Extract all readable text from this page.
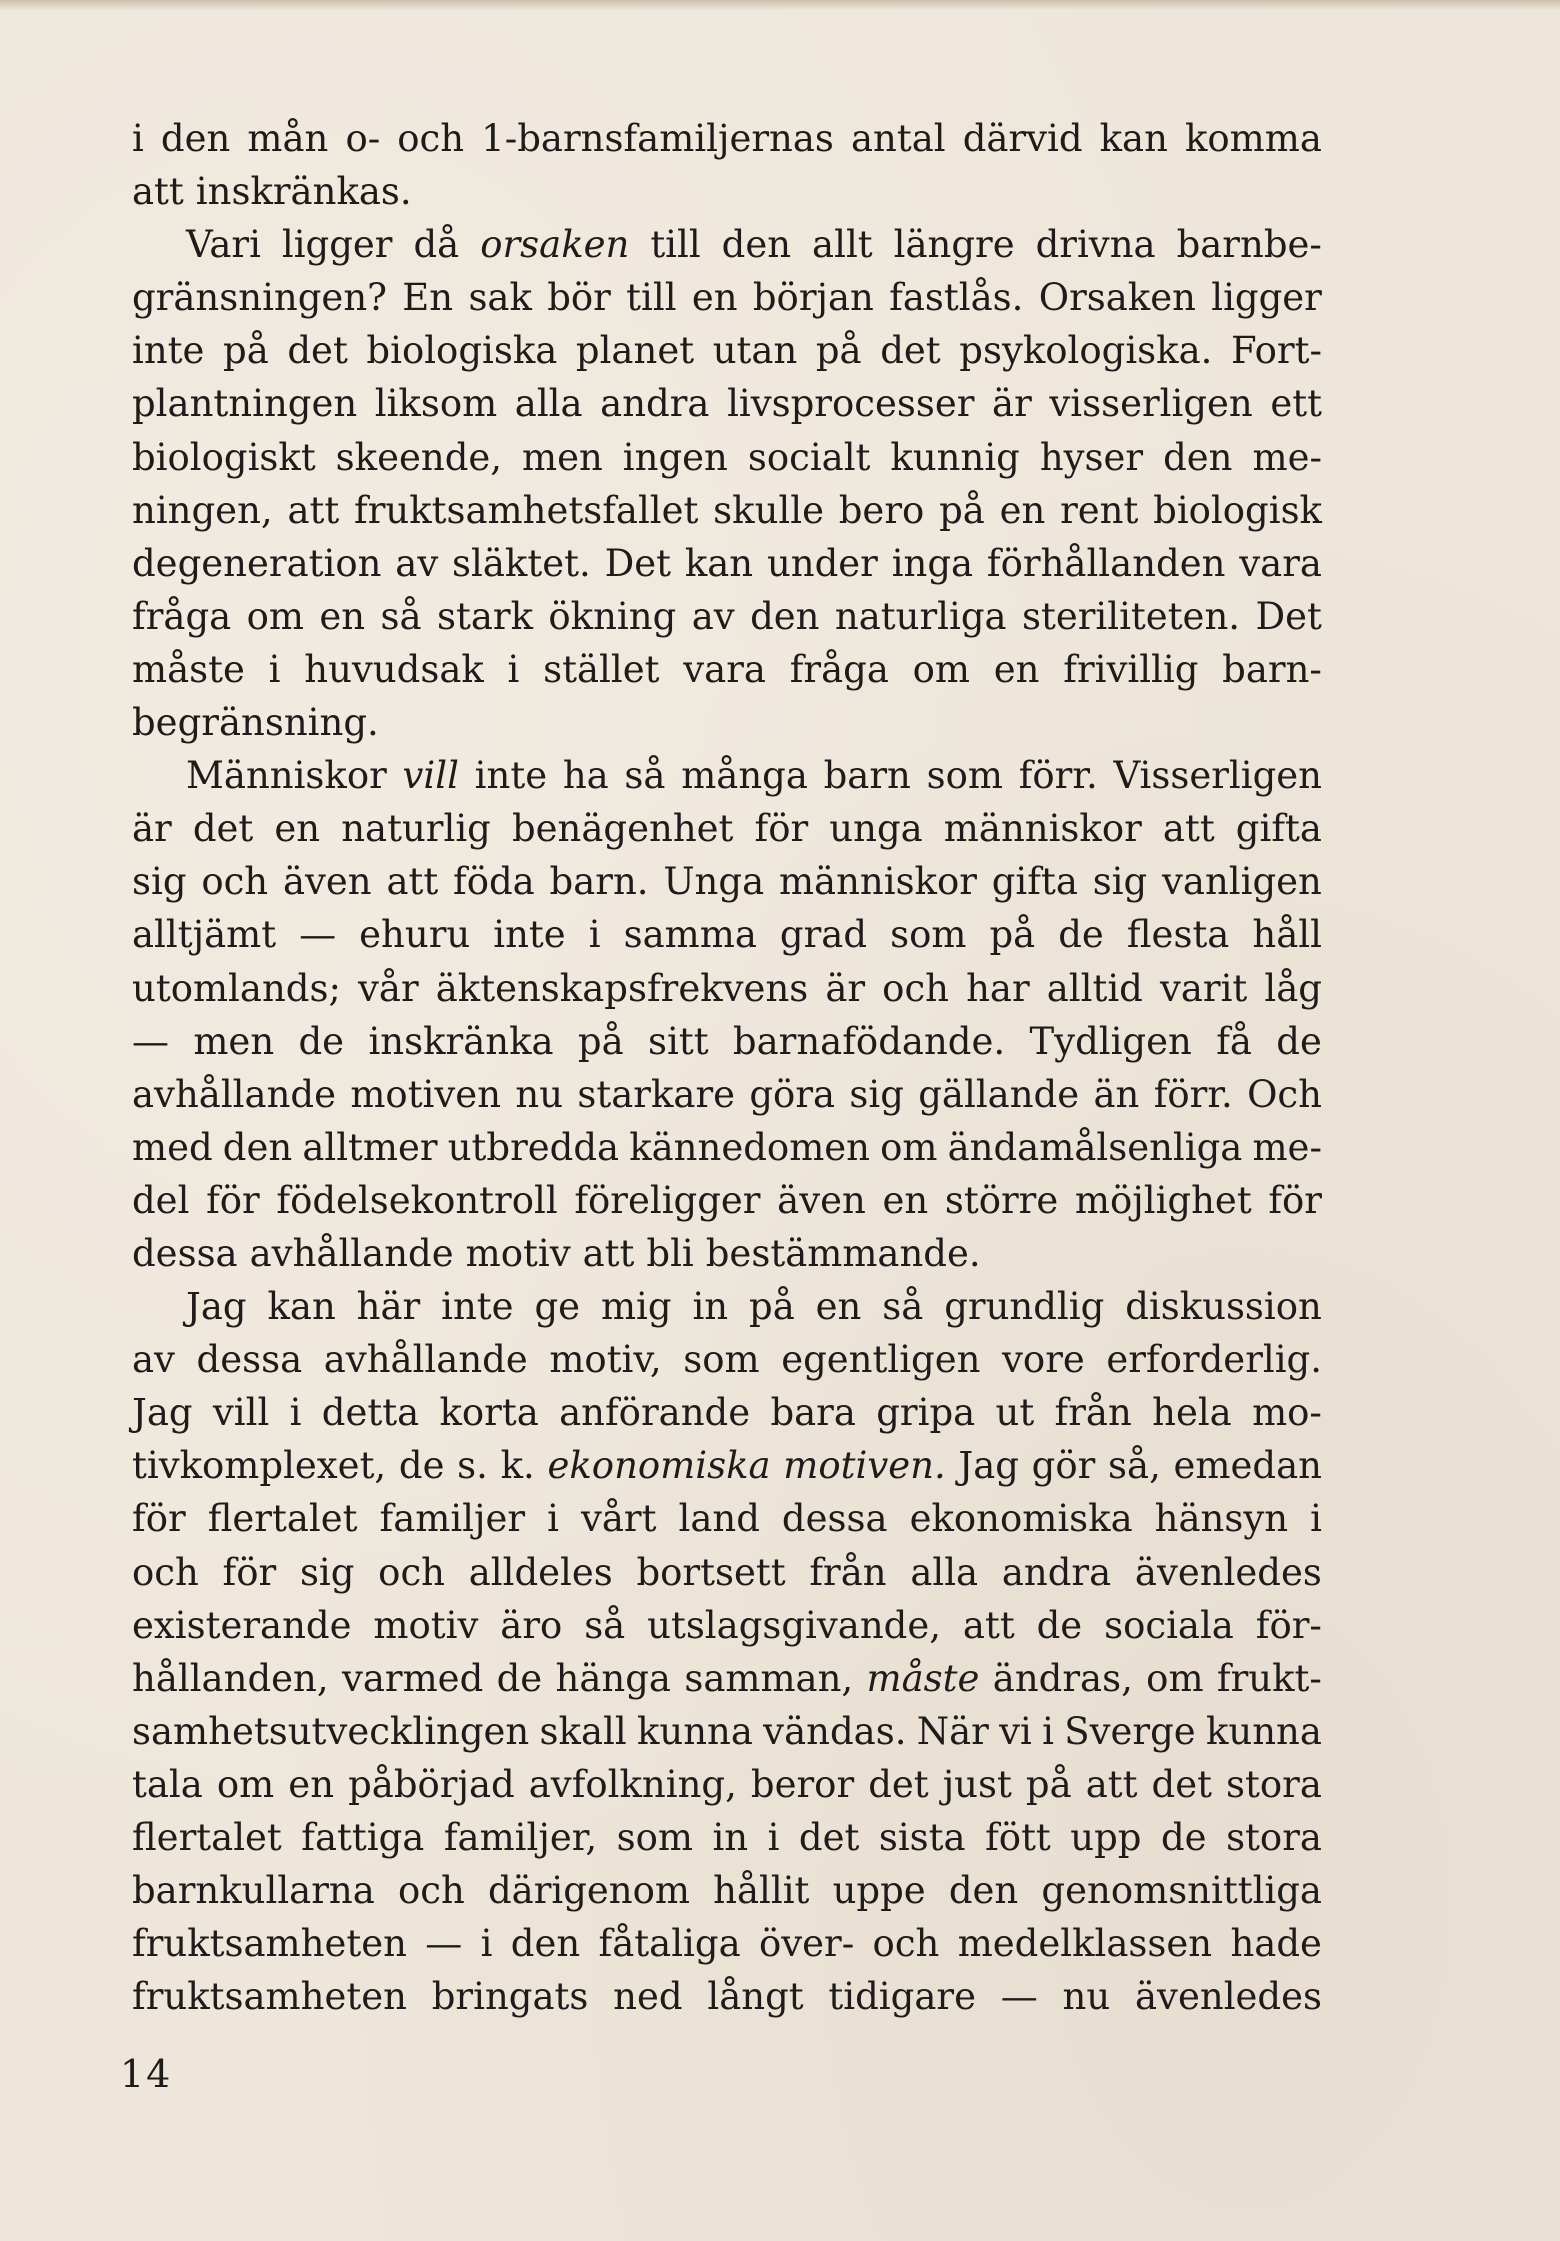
i den mån o- och 1-barnsfamiljernas antal därvid kan komma
att inskränkas.
Vari ligger då orsaken till den allt längre drivna barnbe-
gränsningen? En sak bör till en början fastlås. Orsaken ligger
inte på det biologiska planet utan på det psykologiska. Fort-
plantningen liksom alla andra livsprocesser är visserligen ett
biologiskt skeende, men ingen socialt kunnig hyser den me-
ningen, att fruktsamhetsfallet skulle bero på en rent biologisk
degeneration av släktet. Det kan under inga förhållanden vara
fråga om en så stark ökning av den naturliga steriliteten. Det
måste i huvudsak i stället vara fråga om en frivillig barn-
begränsning.
Människor vill inte ha så många barn som förr. Visserligen
är det en naturlig benägenhet för unga människor att gifta
sig och även att föda barn. Unga människor gifta sig vanligen
alltjämt — ehuru inte i samma grad som på de flesta håll
utomlands; vår äktenskapsfrekvens är och har alltid varit låg
— men de inskränka på sitt barnafödande. Tydligen få de
avhållande motiven nu starkare göra sig gällande än förr. Och
med den alltmer utbredda kännedomen om ändamålsenliga me-
del för födelsekontroll föreligger även en större möjlighet för
dessa avhållande motiv att bli bestämmande.
Jag kan här inte ge mig in på en så grundlig diskussion
av dessa avhållande motiv, som egentligen vore erforderlig.
Jag vill i detta korta anförande bara gripa ut från hela mo-
tivkomplexet, de s. k. ekonomiska motiven. Jag gör så, emedan
för flertalet familjer i vårt land dessa ekonomiska hänsyn i
och för sig och alldeles bortsett från alla andra ävenledes
existerande motiv äro så utslagsgivande, att de sociala för-
hållanden, varmed de hänga samman, måste ändras, om frukt-
samhetsutvecklingen skall kunna vändas. När vi i Sverge kunna
tala om en påbörjad avfolkning, beror det just på att det stora
flertalet fattiga familjer, som in i det sista fött upp de stora
barnkullarna och därigenom hållit uppe den genomsnittliga
fruktsamheten — i den fåtaliga över- och medelklassen hade
fruktsamheten bringats ned långt tidigare — nu ävenledes
14
